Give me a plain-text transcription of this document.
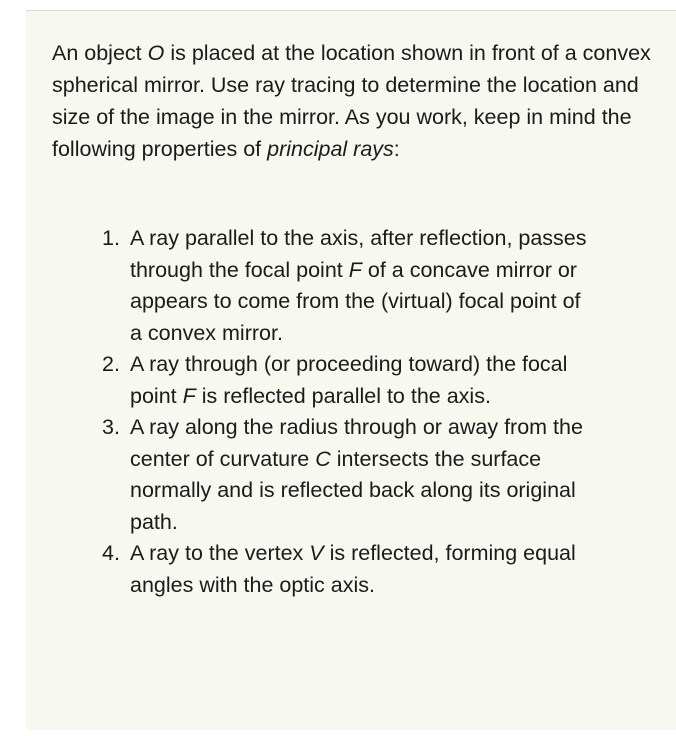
An object O is placed at the location shown in front of a convex spherical mirror. Use ray tracing to determine the location and size of the image in the mirror. As you work, keep in mind the following properties of principal rays:

1. A ray parallel to the axis, after reflection, passes through the focal point F of a concave mirror or appears to come from the (virtual) focal point of a convex mirror.
2. A ray through (or proceeding toward) the focal point F is reflected parallel to the axis.
3. A ray along the radius through or away from the center of curvature C intersects the surface normally and is reflected back along its original path.
4. A ray to the vertex V is reflected, forming equal angles with the optic axis.
